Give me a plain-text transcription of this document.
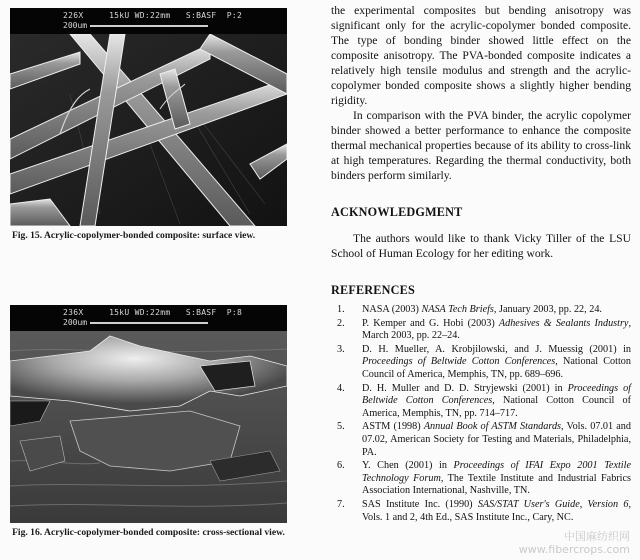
226X	15kU WD:22mm S:BASF P:2
200um
Fig. 15. Acrylic-copolymer-bonded composite: surface view.
236X	15kU WD:22mm S:BASF P:8
200um
Fig. 16. Acrylic-copolymer-bonded composite: cross-sectional view.

the experimental composites but bending anisotropy was significant only for the acrylic-copolymer bonded composite. The type of bonding binder showed little effect on the composite anisotropy. The PVA-bonded composite indicates a relatively high tensile modulus and strength and the acrylic-copolymer bonded composite shows a slightly higher bending rigidity.

In comparison with the PVA binder, the acrylic copolymer binder showed a better performance to enhance the composite thermal mechanical properties because of its ability to cross-link at high temperatures. Regarding the thermal conductivity, both binders perform similarly.

ACKNOWLEDGMENT

The authors would like to thank Vicky Tiller of the LSU School of Human Ecology for her editing work.

REFERENCES
1. NASA (2003) NASA Tech Briefs, January 2003, pp. 22, 24.
2. P. Kemper and G. Hobi (2003) Adhesives & Sealants Industry, March 2003, pp. 22–24.
3. D. H. Mueller, A. Krobjilowski, and J. Muessig (2001) in Proceedings of Beltwide Cotton Conferences, National Cotton Council of America, Memphis, TN, pp. 689–696.
4. D. H. Muller and D. D. Stryjewski (2001) in Proceedings of Beltwide Cotton Conferences, National Cotton Council of America, Memphis, TN, pp. 714–717.
5. ASTM (1998) Annual Book of ASTM Standards, Vols. 07.01 and 07.02, American Society for Testing and Materials, Philadelphia, PA.
6. Y. Chen (2001) in Proceedings of IFAI Expo 2001 Textile Technology Forum, The Textile Institute and Industrial Fabrics Association International, Nashville, TN.
7. SAS Institute Inc. (1990) SAS/STAT User's Guide, Version 6, Vols. 1 and 2, 4th Ed., SAS Institute Inc., Cary, NC.
中国麻纺织网
www.fibercrops.com
